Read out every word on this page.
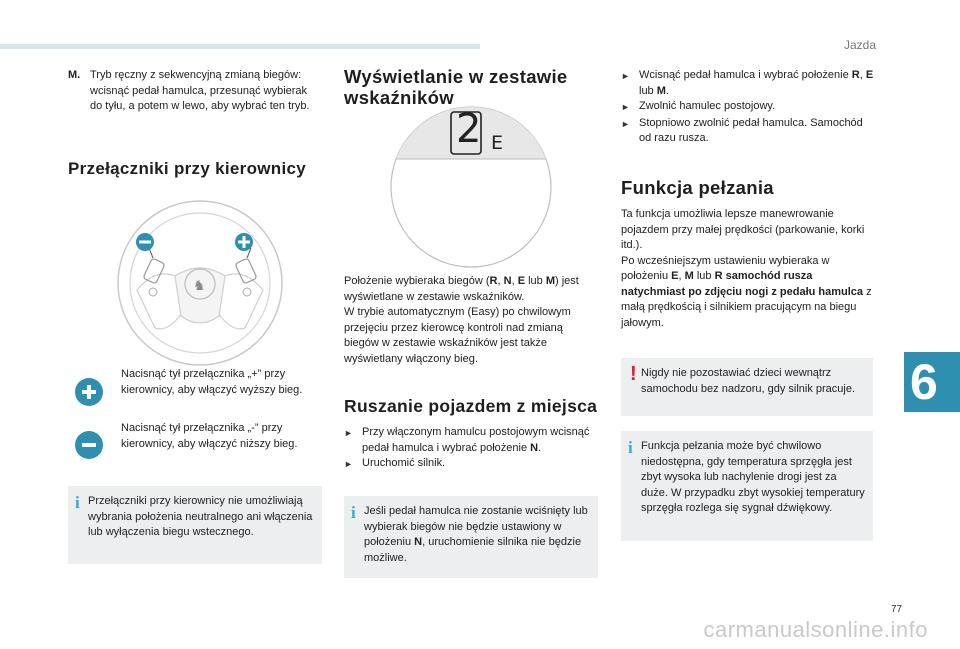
Jazda
6
77
carmanualsonline.info
M. Tryb ręczny z sekwencyjną zmianą biegów: wcisnąć pedał hamulca, przesunąć wybierak do tyłu, a potem w lewo, aby wybrać ten tryb.
Przełączniki przy kierownicy
♞
Nacisnąć tył przełącznika „+” przy kierownicy, aby włączyć wyższy bieg.
Nacisnąć tył przełącznika „-” przy kierownicy, aby włączyć niższy bieg.
i Przełączniki przy kierownicy nie umożliwiają wybrania położenia neutralnego ani włączenia lub wyłączenia biegu wstecznego.
Wyświetlanie w zestawie wskaźników
2 E
Położenie wybieraka biegów (R, N, E lub M) jest wyświetlane w zestawie wskaźników.
W trybie automatycznym (Easy) po chwilowym przejęciu przez kierowcę kontroli nad zmianą biegów w zestawie wskaźników jest także wyświetlany włączony bieg.
Ruszanie pojazdem z miejsca
► Przy włączonym hamulcu postojowym wcisnąć pedał hamulca i wybrać położenie N.
► Uruchomić silnik.
i Jeśli pedał hamulca nie zostanie wciśnięty lub wybierak biegów nie będzie ustawiony w położeniu N, uruchomienie silnika nie będzie możliwe.
► Wcisnąć pedał hamulca i wybrać położenie R, E lub M.
► Zwolnić hamulec postojowy.
► Stopniowo zwolnić pedał hamulca. Samochód od razu rusza.
Funkcja pełzania
Ta funkcja umożliwia lepsze manewrowanie pojazdem przy małej prędkości (parkowanie, korki itd.).
Po wcześniejszym ustawieniu wybieraka w położeniu E, M lub R samochód rusza natychmiast po zdjęciu nogi z pedału hamulca z małą prędkością i silnikiem pracującym na biegu jałowym.
! Nigdy nie pozostawiać dzieci wewnątrz samochodu bez nadzoru, gdy silnik pracuje.
i Funkcja pełzania może być chwilowo niedostępna, gdy temperatura sprzęgła jest zbyt wysoka lub nachylenie drogi jest za duże. W przypadku zbyt wysokiej temperatury sprzęgła rozlega się sygnał dźwiękowy.
